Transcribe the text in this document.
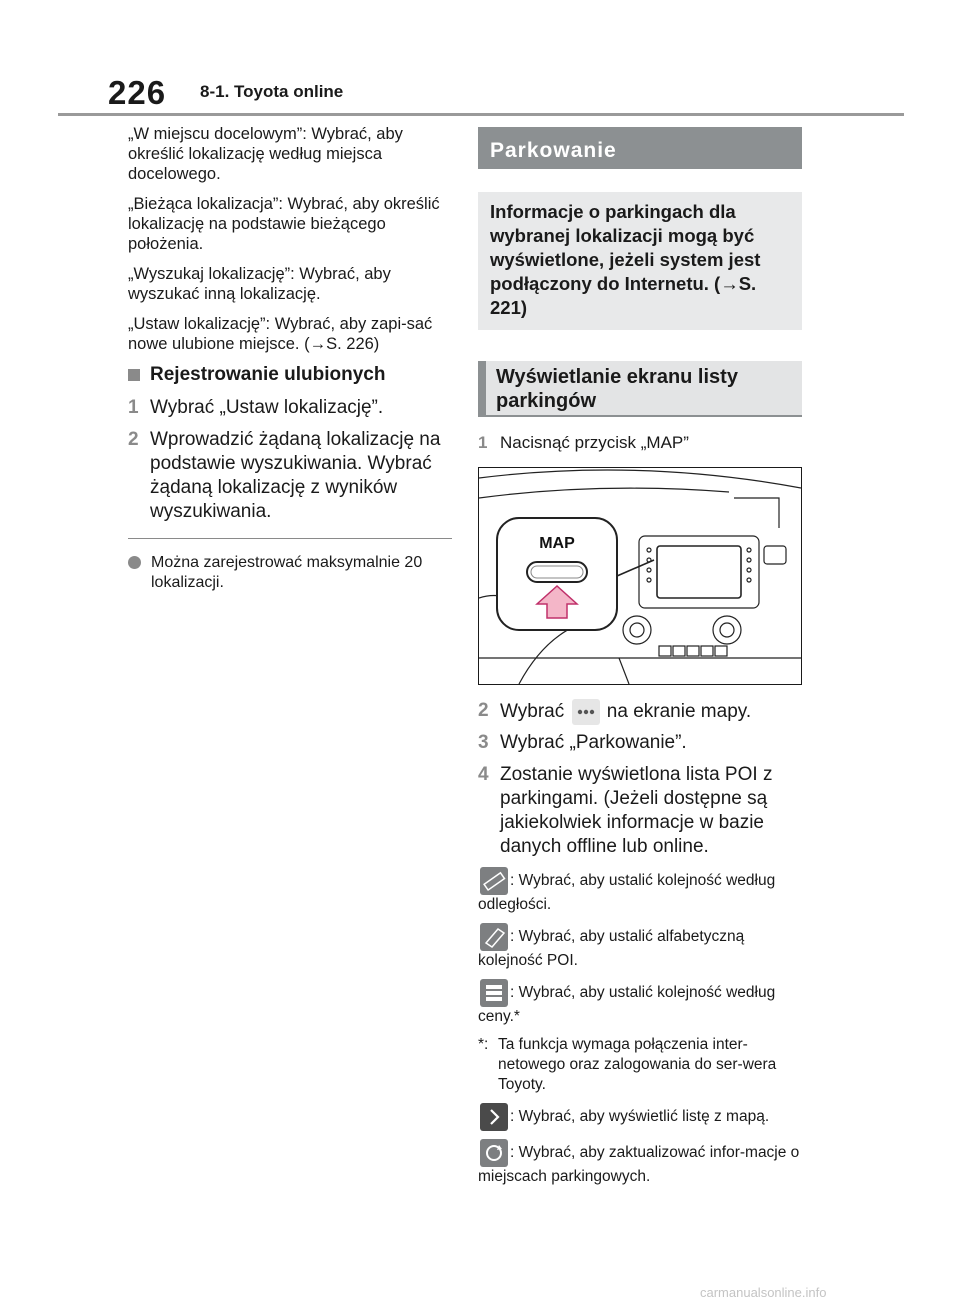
226 8-1. Toyota online

„W miejscu docelowym”: Wybrać, aby określić lokalizację według miejsca docelowego.

„Bieżąca lokalizacja”: Wybrać, aby określić lokalizację na podstawie bieżącego położenia.

„Wyszukaj lokalizację”: Wybrać, aby wyszukać inną lokalizację.

„Ustaw lokalizację”: Wybrać, aby zapi-sać nowe ulubione miejsce. (→S. 226)

Rejestrowanie ulubionych
1 Wybrać „Ustaw lokalizację”.
2 Wprowadzić żądaną lokalizację na podstawie wyszukiwania. Wybrać żądaną lokalizację z wyników wyszukiwania.
Można zarejestrować maksymalnie 20 lokalizacji.
Parkowanie
Informacje o parkingach dla wybranej lokalizacji mogą być wyświetlone, jeżeli system jest podłączony do Internetu. (→S. 221)
Wyświetlanie ekranu listy parkingów
1 Nacisnąć przycisk „MAP”
MAP
2 Wybrać na ekranie mapy.
3 Wybrać „Parkowanie”.
4 Zostanie wyświetlona lista POI z parkingami. (Jeżeli dostępne są jakiekolwiek informacje w bazie danych offline lub online.

: Wybrać, aby ustalić kolejność według odległości.

: Wybrać, aby ustalić alfabetyczną kolejność POI.

: Wybrać, aby ustalić kolejność według ceny.*

*: Ta funkcja wymaga połączenia inter-netowego oraz zalogowania do ser-wera Toyoty.

: Wybrać, aby wyświetlić listę z mapą.

: Wybrać, aby zaktualizować infor-macje o miejscach parkingowych.

carmanualsonline.info
